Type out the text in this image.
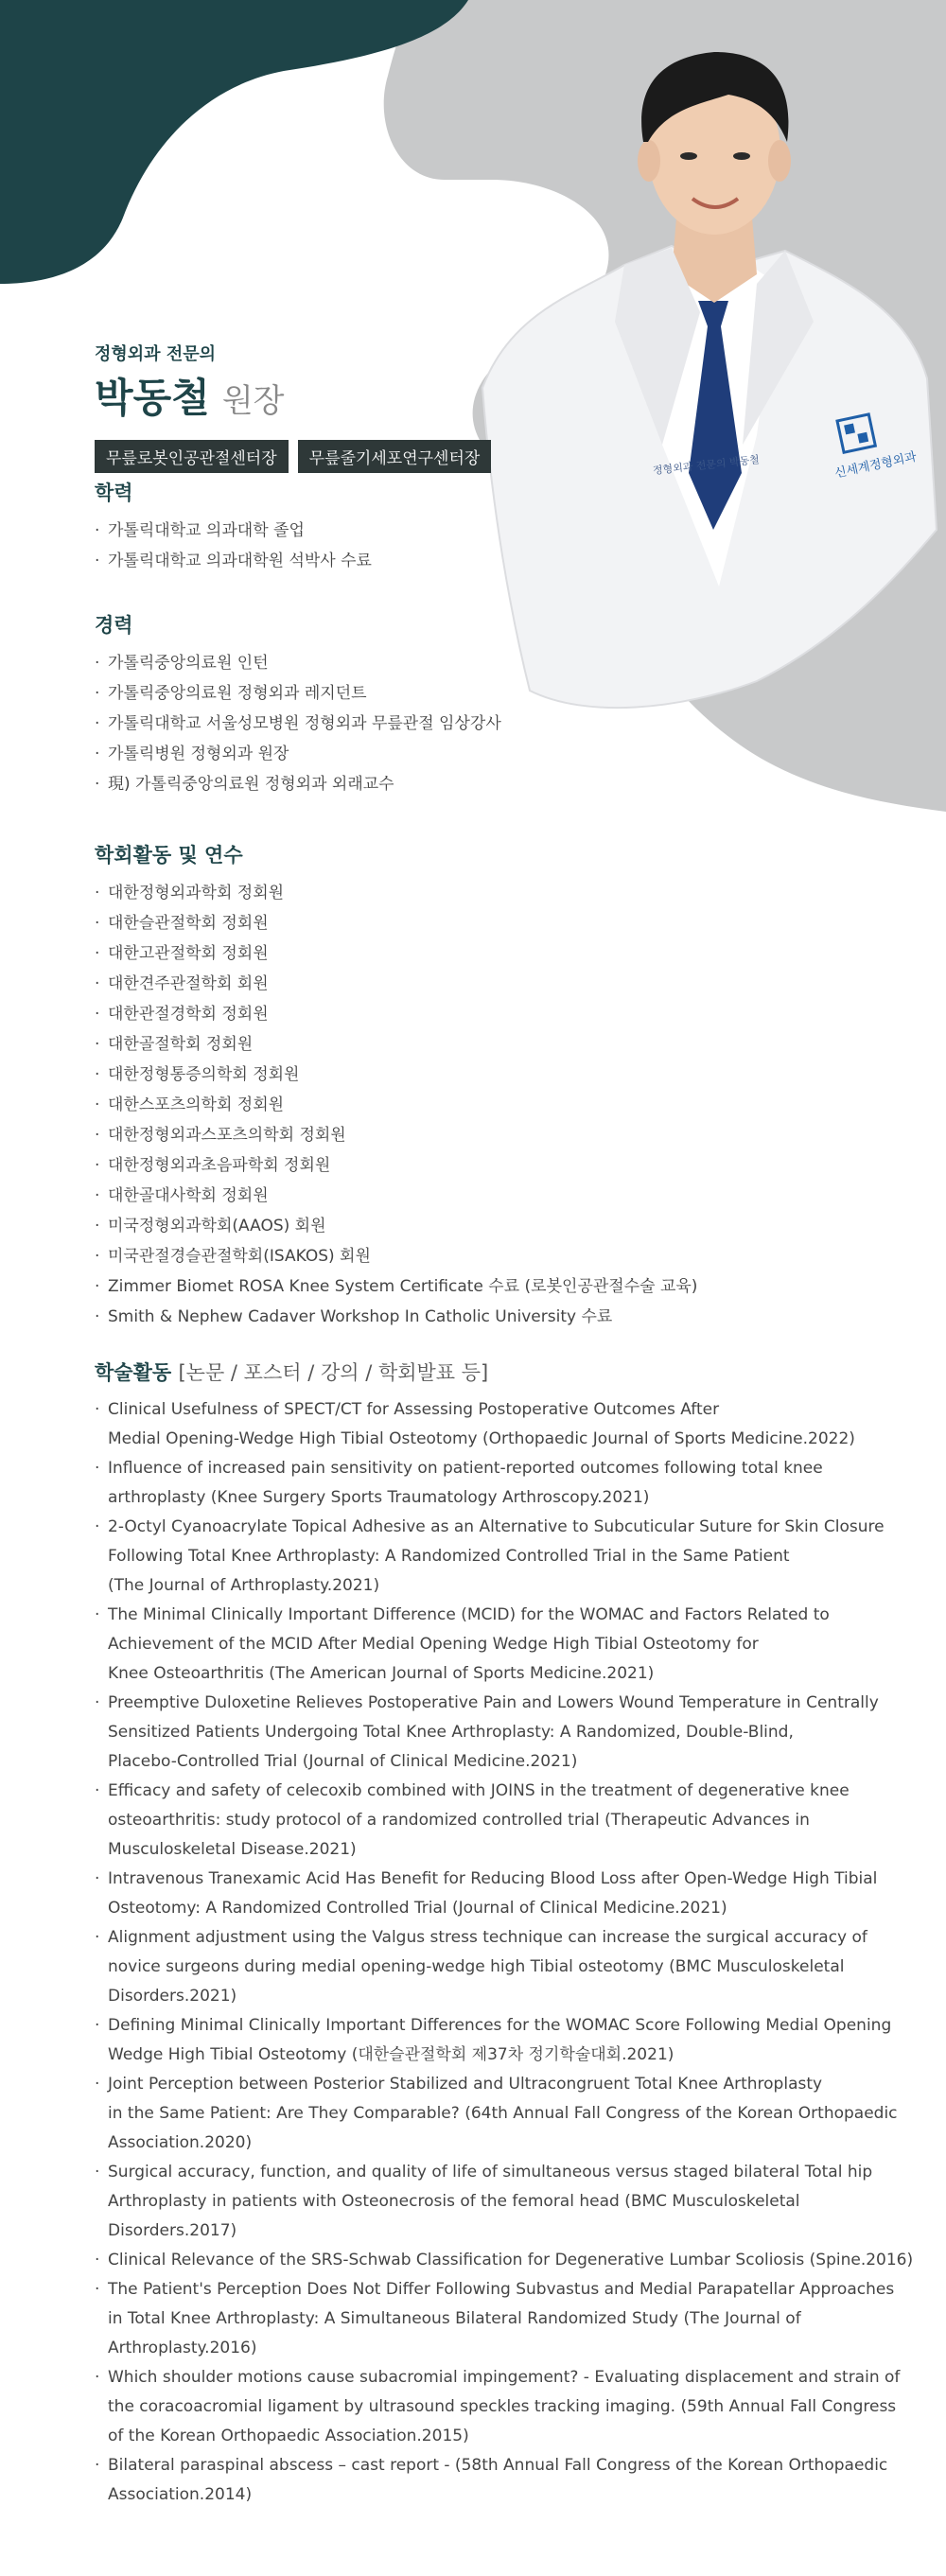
신세계정형외과
정형외과 전문의 박동철

정형외과 전문의

박동철 원장
무릎로봇인공관절센터장	무릎줄기세포연구센터장
학력
· 가톨릭대학교 의과대학 졸업
· 가톨릭대학교 의과대학원 석박사 수료
경력
· 가톨릭중앙의료원 인턴
· 가톨릭중앙의료원 정형외과 레지던트
· 가톨릭대학교 서울성모병원 정형외과 무릎관절 임상강사
· 가톨릭병원 정형외과 원장
· 現) 가톨릭중앙의료원 정형외과 외래교수
학회활동 및 연수
· 대한정형외과학회 정회원
· 대한슬관절학회 정회원
· 대한고관절학회 정회원
· 대한견주관절학회 회원
· 대한관절경학회 정회원
· 대한골절학회 정회원
· 대한정형통증의학회 정회원
· 대한스포츠의학회 정회원
· 대한정형외과스포츠의학회 정회원
· 대한정형외과초음파학회 정회원
· 대한골대사학회 정회원
· 미국정형외과학회(AAOS) 회원
· 미국관절경슬관절학회(ISAKOS) 회원
· Zimmer Biomet ROSA Knee System Certificate 수료 (로봇인공관절수술 교육)
· Smith & Nephew Cadaver Workshop In Catholic University 수료
학술활동 [논문 / 포스터 / 강의 / 학회발표 등]
· Clinical Usefulness of SPECT/CT for Assessing Postoperative Outcomes After
Medial Opening-Wedge High Tibial Osteotomy (Orthopaedic Journal of Sports Medicine.2022)
· Influence of increased pain sensitivity on patient-reported outcomes following total knee
arthroplasty (Knee Surgery Sports Traumatology Arthroscopy.2021)
· 2-Octyl Cyanoacrylate Topical Adhesive as an Alternative to Subcuticular Suture for Skin Closure
Following Total Knee Arthroplasty: A Randomized Controlled Trial in the Same Patient
(The Journal of Arthroplasty.2021)
· The Minimal Clinically Important Difference (MCID) for the WOMAC and Factors Related to
Achievement of the MCID After Medial Opening Wedge High Tibial Osteotomy for
Knee Osteoarthritis (The American Journal of Sports Medicine.2021)
· Preemptive Duloxetine Relieves Postoperative Pain and Lowers Wound Temperature in Centrally
Sensitized Patients Undergoing Total Knee Arthroplasty: A Randomized, Double-Blind,
Placebo-Controlled Trial (Journal of Clinical Medicine.2021)
· Efficacy and safety of celecoxib combined with JOINS in the treatment of degenerative knee
osteoarthritis: study protocol of a randomized controlled trial (Therapeutic Advances in
Musculoskeletal Disease.2021)
· Intravenous Tranexamic Acid Has Benefit for Reducing Blood Loss after Open-Wedge High Tibial
Osteotomy: A Randomized Controlled Trial (Journal of Clinical Medicine.2021)
· Alignment adjustment using the Valgus stress technique can increase the surgical accuracy of
novice surgeons during medial opening-wedge high Tibial osteotomy (BMC Musculoskeletal
Disorders.2021)
· Defining Minimal Clinically Important Differences for the WOMAC Score Following Medial Opening
Wedge High Tibial Osteotomy (대한슬관절학회 제37차 정기학술대회.2021)
· Joint Perception between Posterior Stabilized and Ultracongruent Total Knee Arthroplasty
in the Same Patient: Are They Comparable? (64th Annual Fall Congress of the Korean Orthopaedic
Association.2020)
· Surgical accuracy, function, and quality of life of simultaneous versus staged bilateral Total hip
Arthroplasty in patients with Osteonecrosis of the femoral head (BMC Musculoskeletal Disorders.2017)
· Clinical Relevance of the SRS-Schwab Classification for Degenerative Lumbar Scoliosis (Spine.2016)
· The Patient's Perception Does Not Differ Following Subvastus and Medial Parapatellar Approaches
in Total Knee Arthroplasty: A Simultaneous Bilateral Randomized Study (The Journal of
Arthroplasty.2016)
· Which shoulder motions cause subacromial impingement? - Evaluating displacement and strain of
the coracoacromial ligament by ultrasound speckles tracking imaging. (59th Annual Fall Congress
of the Korean Orthopaedic Association.2015)
· Bilateral paraspinal abscess – cast report - (58th Annual Fall Congress of the Korean Orthopaedic
Association.2014)
